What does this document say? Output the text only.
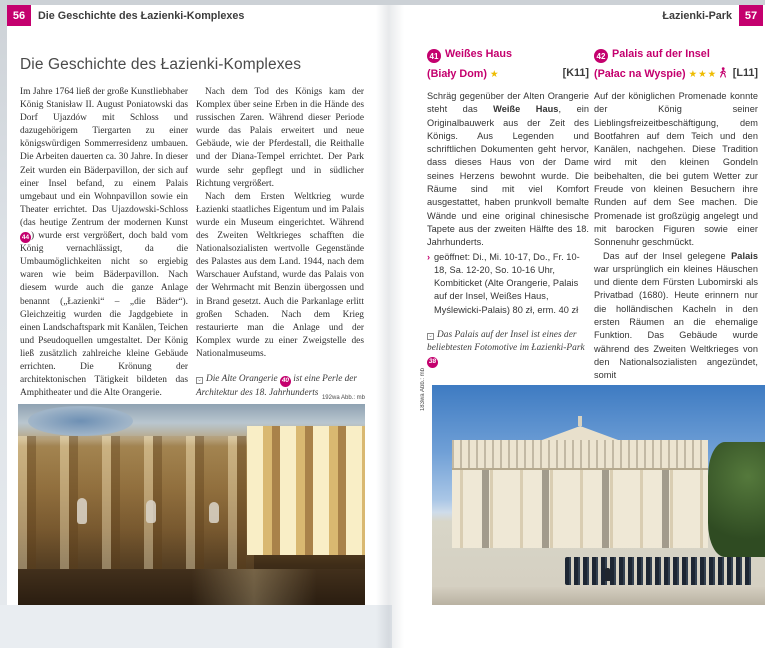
56	Die Geschichte des Łazienki-Komplexes	Łazienki-Park	57
Die Geschichte des Łazienki-Komplexes

Im Jahre 1764 ließ der große Kunstliebhaber König Stanisław II. August Poniatowski das Dorf Ujazdów mit Schloss und dazugehörigem Tiergarten zu einer königswürdigen Sommerresidenz umbauen. Die Arbeiten dauerten ca. 30 Jahre. In dieser Zeit wurden ein Bäderpavillon, der sich auf einer Insel befand, zu einem Palais umgebaut und ein Wohnpavillon sowie ein Theater errichtet. Das Ujazdowski-Schloss (das heutige Zentrum der modernen Kunst44 ) wurde erst vergrößert, doch bald vom König vernachlässigt, da die Umbaumöglichkeiten nicht so ergiebig waren wie beim Bäderpavillon. Nach diesem wurde auch die ganze Anlage benannt („Łazienki“ – „die Bäder“). Gleichzeitig wurden die Jagdgebiete in einen Landschaftspark mit Kanälen, Teichen und Pseudoquellen umgestaltet. Der König ließ zusätzlich zahlreiche kleine Gebäude errichten. Die Krönung der architektonischen Tätigkeit bildeten das Amphitheater und die Alte Orangerie.

Nach dem Tod des Königs kam der Komplex über seine Erben in die Hände des russischen Zaren. Während dieser Periode wurde das Palais erweitert und neue Gebäude, wie der Pferdestall, die Reithalle und der Diana-Tempel errichtet. Der Park wurde sehr gepflegt und in südlicher Richtung vergrößert.

Nach dem Ersten Weltkrieg wurde Łazienki staatliches Eigentum und im Palais wurde ein Museum eingerichtet. Während des Zweiten Weltkrieges schafften die Nationalsozialisten wertvolle Gegenstände des Palastes aus dem Land. 1944, nach dem Warschauer Aufstand, wurde das Palais von der Wehrmacht mit Benzin übergossen und in Brand gesetzt. Auch die Parkanlage erlitt großen Schaden. Nach dem Krieg restaurierte man die Anlage und der Komplex wurde zu einer Zweigstelle des Nationalmuseums.

⌄ Die Alte Orangerie 40 ist eine Perle der Architektur des 18. Jahrhunderts
192wa Abb.: mb
41 Weißes Haus
(Biały Dom) ★	[K11]

Schräg gegenüber der Alten Orangerie steht das Weiße Haus, ein Originalbauwerk aus der Zeit des Königs. Aus Legenden und schriftlichen Dokumenten geht hervor, dass dieses Haus von der Dame seines Herzens bewohnt wurde. Die Räume sind mit viel Komfort ausgestattet, haben prunkvoll bemalte Wände und eine original chinesische Tapete aus der zweiten Hälfte des 18. Jahrhunderts.

› geöffnet: Di., Mi. 10-17, Do., Fr. 10-18, Sa. 12-20, So. 10-16 Uhr, Kombiticket (Alte Orangerie, Palais auf der Insel, Weißes Haus, Myślewicki-Palais) 80 zł, erm. 40 zł

⌄ Das Palais auf der Insel ist eines der beliebtesten Fotomotive im Łazienki-Park 38
42 Palais auf der Insel
(Pałac na Wyspie) ★★★	[L11]

Auf der königlichen Promenade konnte der König seiner Lieblingsfreizeitbeschäftigung, dem Bootfahren auf dem Teich und den Kanälen, nachgehen. Diese Tradition wird mit den kleinen Gondeln beibehalten, die bei gutem Wetter zur Freude von kleinen Besuchern ihre Runden auf dem See machen. Die Promenade ist großzügig angelegt und mit barocken Figuren sowie einer Sonnenuhr geschmückt.

Das auf der Insel gelegene Palais war ursprünglich ein kleines Häuschen und diente dem Fürsten Lubomirski als Privatbad (1680). Heute erinnern nur die holländischen Kacheln in den ersten Räumen an die ehemalige Funktion. Das Gebäude wurde während des Zweiten Weltkrieges von den Nationalsozialisten angezündet, somit

183wa Abb.: mb
